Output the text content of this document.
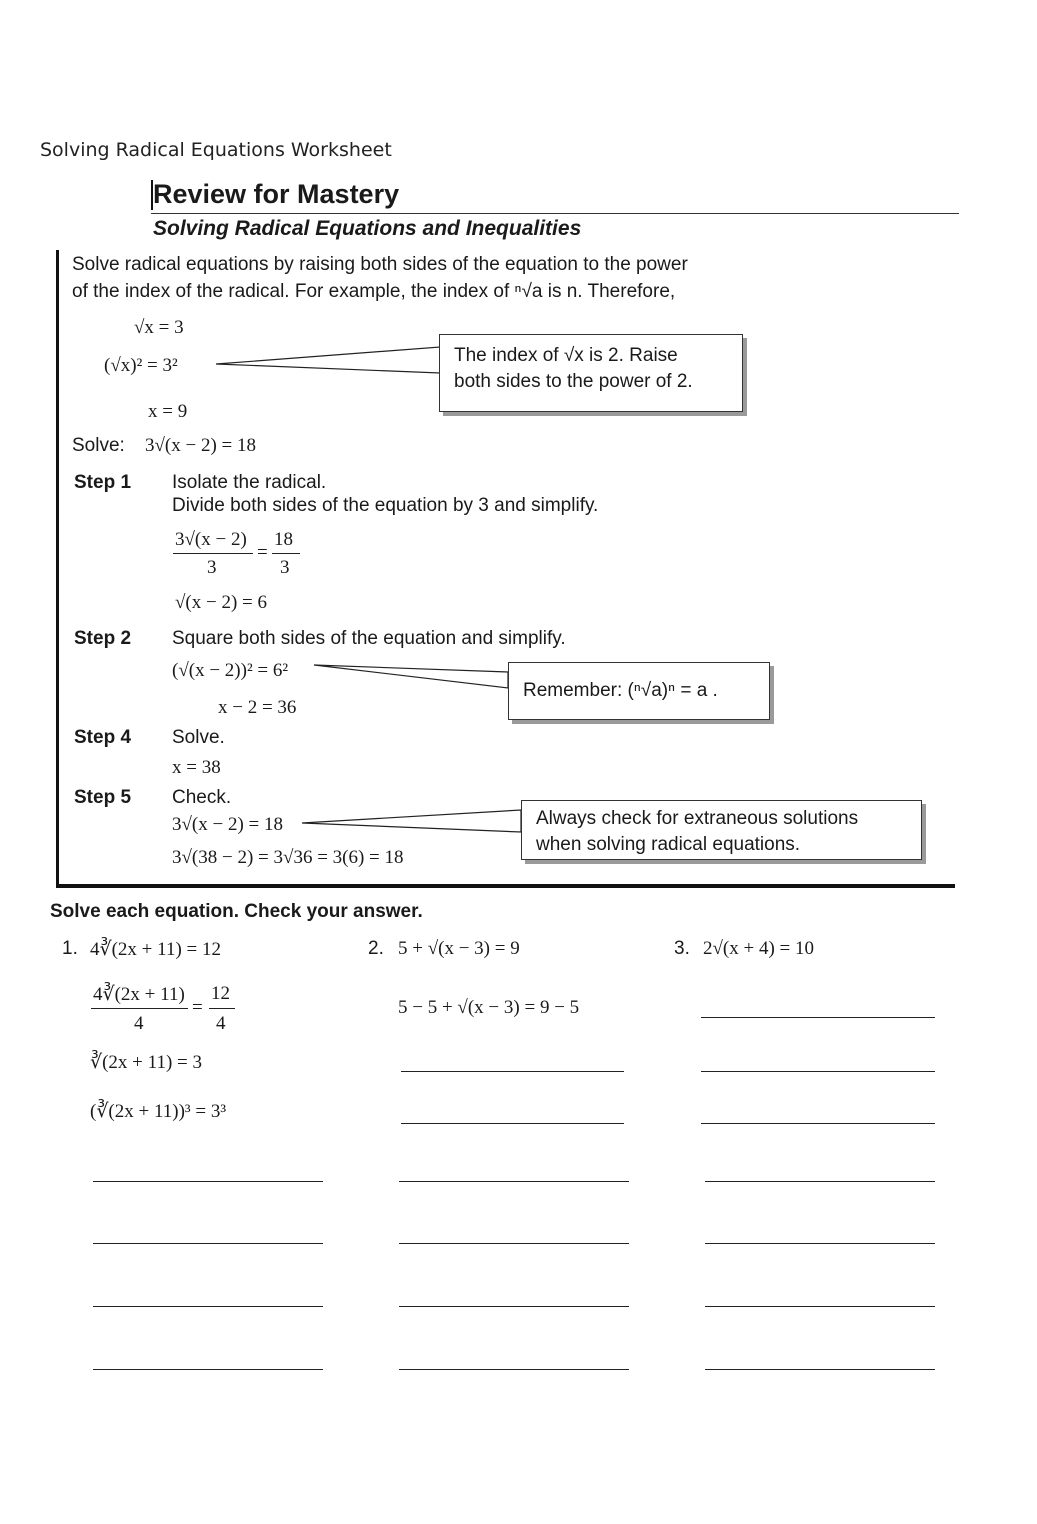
Solving Radical Equations Worksheet
Review for Mastery
Solving Radical Equations and Inequalities
Solve radical equations by raising both sides of the equation to the power
of the index of the radical. For example, the index of ⁿ√a is n. Therefore,
√x = 3
(√x)² = 3²
x = 9
The index of √x is 2. Raise
both sides to the power of 2.
Solve: 3√(x − 2) = 18
Step 1 Isolate the radical.
Divide both sides of the equation by 3 and simplify.
3√(x − 2)
3
=
18
3
√(x − 2) = 6
Step 2 Square both sides of the equation and simplify.
(√(x − 2))² = 6²
x − 2 = 36
Remember: (ⁿ√a)ⁿ = a .
Step 4 Solve.
x = 38
Step 5 Check.
3√(x − 2) = 18
3√(38 − 2) = 3√36 = 3(6) = 18
Always check for extraneous solutions
when solving radical equations.
Solve each equation. Check your answer.
1. 4∛(2x + 11) = 12
4∛(2x + 11)
4
=
12
4
∛(2x + 11) = 3
(∛(2x + 11))³ = 3³
2. 5 + √(x − 3) = 9
5 − 5 + √(x − 3) = 9 − 5
3. 2√(x + 4) = 10
